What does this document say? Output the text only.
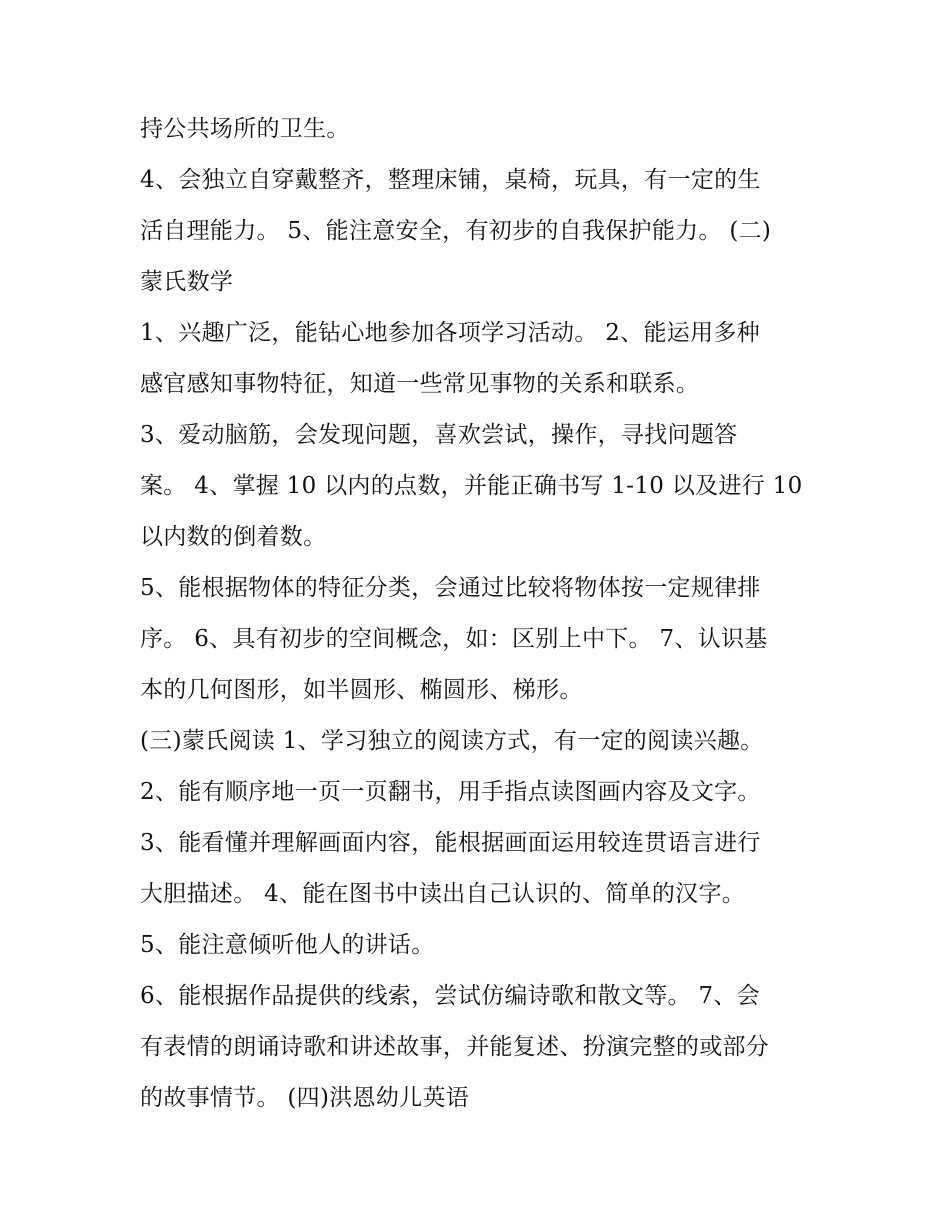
持公共场所的卫生。
4、会独立自穿戴整齐，整理床铺，桌椅，玩具，有一定的生
活自理能力。 5、能注意安全，有初步的自我保护能力。 (二)
蒙氏数学
1、兴趣广泛，能钻心地参加各项学习活动。 2、能运用多种
感官感知事物特征，知道一些常见事物的关系和联系。
3、爱动脑筋，会发现问题，喜欢尝试，操作，寻找问题答
案。 4、掌握 10 以内的点数，并能正确书写 1-10 以及进行 10
以内数的倒着数。
5、能根据物体的特征分类，会通过比较将物体按一定规律排
序。 6、具有初步的空间概念，如：区别上中下。 7、认识基
本的几何图形，如半圆形、椭圆形、梯形。
(三)蒙氏阅读 1、学习独立的阅读方式，有一定的阅读兴趣。
2、能有顺序地一页一页翻书，用手指点读图画内容及文字。
3、能看懂并理解画面内容，能根据画面运用较连贯语言进行
大胆描述。 4、能在图书中读出自己认识的、简单的汉字。
5、能注意倾听他人的讲话。
6、能根据作品提供的线索，尝试仿编诗歌和散文等。 7、会
有表情的朗诵诗歌和讲述故事，并能复述、扮演完整的或部分
的故事情节。 (四)洪恩幼儿英语
